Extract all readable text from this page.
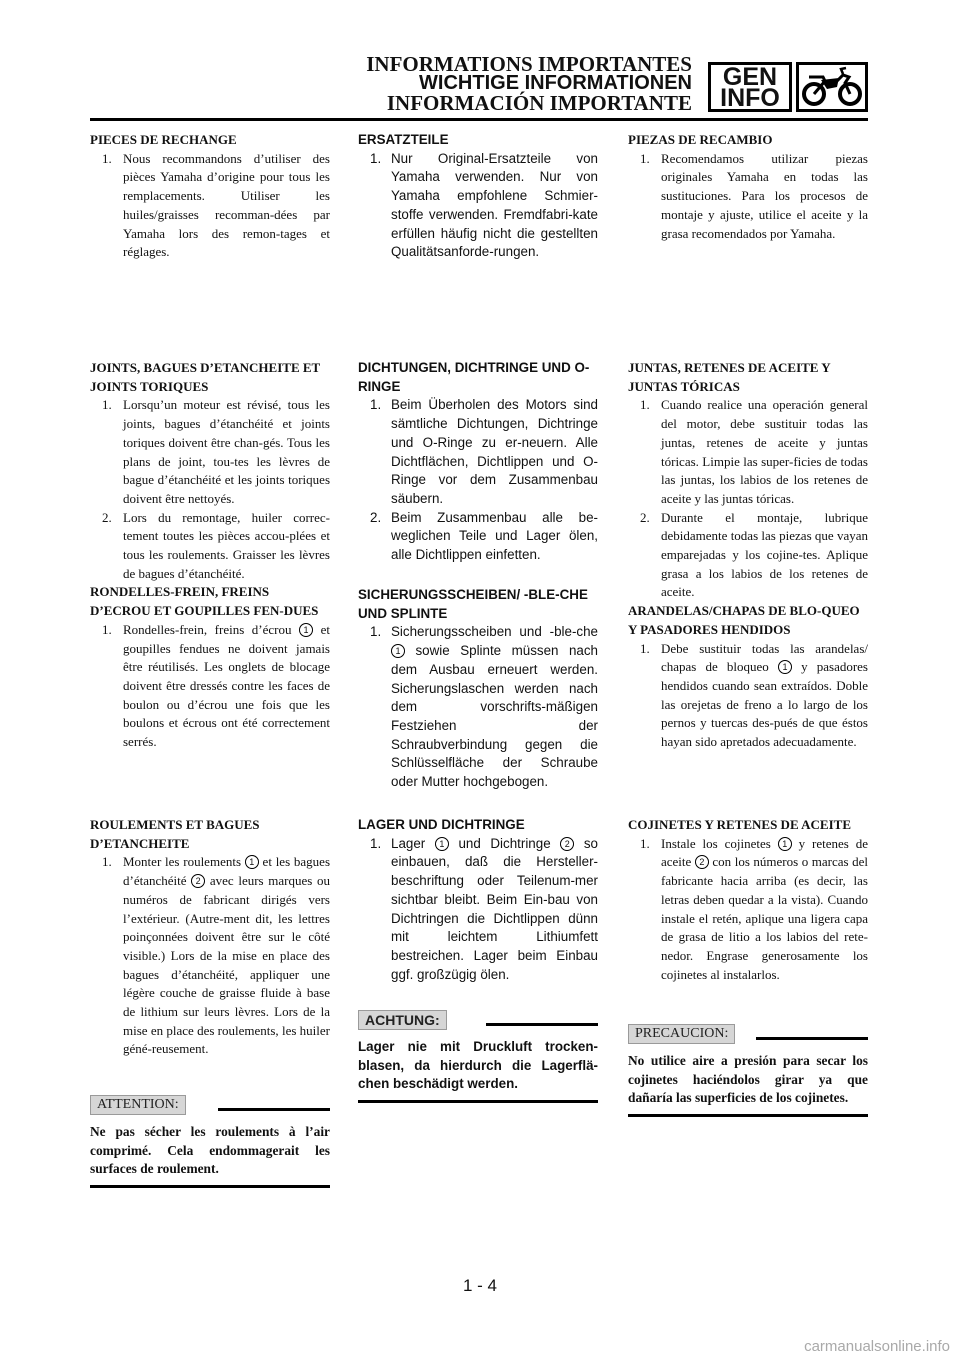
INFORMATIONS IMPORTANTES
WICHTIGE INFORMATIONEN
INFORMACIÓN IMPORTANTE
GEN
INFO
PIECES DE RECHANGE
1. Nous recommandons d’utiliser des pièces Yamaha d’origine pour tous les remplacements. Utiliser les huiles/graisses recomman-dées par Yamaha lors des remon-tages et réglages.
JOINTS, BAGUES D’ETANCHEITE ET JOINTS TORIQUES
1. Lorsqu’un moteur est révisé, tous les joints, bagues d’étanchéité et joints toriques doivent être chan-gés. Tous les plans de joint, tou-tes les lèvres de bague d’étanchéité et les joints toriques doivent être nettoyés.
2. Lors du remontage, huiler correc-tement toutes les pièces accou-plées et tous les roulements. Graisser les lèvres de bagues d’étanchéité.
RONDELLES-FREIN, FREINS D’ECROU ET GOUPILLES FEN-DUES
1. Rondelles-frein, freins d’écrou 1 et goupilles fendues ne doivent jamais être réutilisés. Les onglets de blocage doivent être dressés contre les faces de boulon ou d’écrou une fois que les boulons et écrous ont été correctement serrés.
ROULEMENTS ET BAGUES D’ETANCHEITE
1. Monter les roulements 1 et les bagues d’étanchéité 2 avec leurs marques ou numéros de fabricant dirigés vers l’extérieur. (Autre-ment dit, les lettres poinçonnées doivent être sur le côté visible.) Lors de la mise en place des bagues d’étanchéité, appliquer une légère couche de graisse fluide à base de lithium sur leurs lèvres. Lors de la mise en place des roulements, les huiler géné-reusement.
ATTENTION:
Ne pas sécher les roulements à l’air comprimé. Cela endommagerait les surfaces de roulement.
ERSATZTEILE
1. Nur Original-Ersatzteile von Yamaha verwenden. Nur von Yamaha empfohlene Schmier-stoffe verwenden. Fremdfabri-kate erfüllen häufig nicht die gestellten Qualitätsanforde-rungen.
DICHTUNGEN, DICHTRINGE UND O-RINGE
1. Beim Überholen des Motors sind sämtliche Dichtungen, Dichtringe und O-Ringe zu er-neuern. Alle Dichtflächen, Dichtlippen und O-Ringe vor dem Zusammenbau säubern.
2. Beim Zusammenbau alle be-weglichen Teile und Lager ölen, alle Dichtlippen einfetten.
SICHERUNGSSCHEIBEN/ -BLE-CHE UND SPLINTE
1. Sicherungsscheiben und -ble-che 1 sowie Splinte müssen nach dem Ausbau erneuert werden. Sicherungslaschen werden nach dem vorschrifts-mäßigen Festziehen der Schraubverbindung gegen die Schlüsselfläche der Schraube oder Mutter hochgebogen.
LAGER UND DICHTRINGE
1. Lager 1 und Dichtringe 2 so einbauen, daß die Hersteller-beschriftung oder Teilenum-mer sichtbar bleibt. Beim Ein-bau von Dichtringen die Dichtlippen dünn mit leichtem Lithiumfett bestreichen. Lager beim Einbau ggf. großzügig ölen.
ACHTUNG:
Lager nie mit Druckluft trocken-blasen, da hierdurch die Lagerflä-chen beschädigt werden.
PIEZAS DE RECAMBIO
1. Recomendamos utilizar piezas originales Yamaha en todas las sustituciones. Para los procesos de montaje y ajuste, utilice el aceite y la grasa recomendados por Yamaha.
JUNTAS, RETENES DE ACEITE Y JUNTAS TÓRICAS
1. Cuando realice una operación general del motor, debe sustituir todas las juntas, retenes de aceite y juntas tóricas. Limpie las super-ficies de todas las juntas, los labios de los retenes de aceite y las juntas tóricas.
2. Durante el montaje, lubrique debidamente todas las piezas que vayan emparejadas y los cojine-tes. Aplique grasa a los labios de los retenes de aceite.
ARANDELAS/CHAPAS DE BLO-QUEO Y PASADORES HENDIDOS
1. Debe sustituir todas las arandelas/ chapas de bloqueo 1 y pasadores hendidos cuando sean extraídos. Doble las orejetas de freno a lo largo de los pernos y tuercas des-pués de que éstos hayan sido apretados adecuadamente.
COJINETES Y RETENES DE ACEITE
1. Instale los cojinetes 1 y retenes de aceite 2 con los números o marcas del fabricante hacia arriba (es decir, las letras deben quedar a la vista). Cuando instale el retén, aplique una ligera capa de grasa de litio a los labios del rete-nedor. Engrase generosamente los cojinetes al instalarlos.
PRECAUCION:
No utilice aire a presión para secar los cojinetes haciéndolos girar ya que dañaría las superficies de los cojinetes.
1 - 4
carmanualsonline.info
